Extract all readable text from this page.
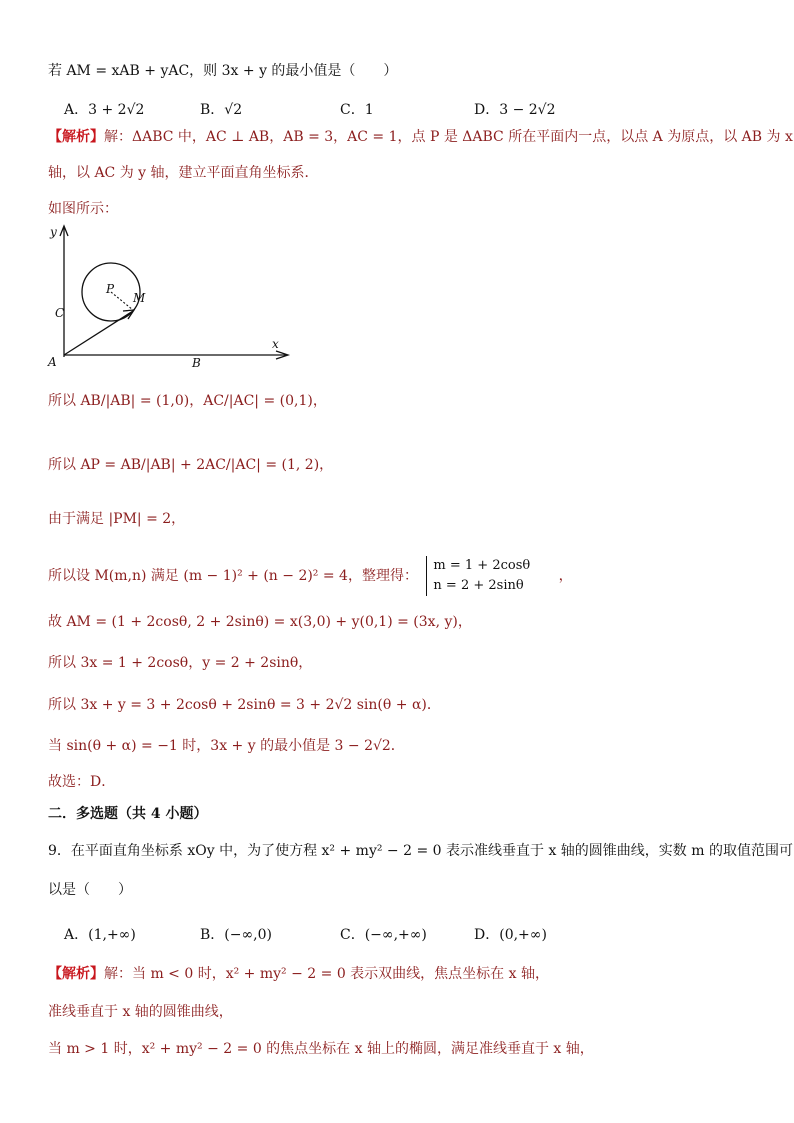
若 AM = xAB + yAC，则 3x + y 的最小值是（　　）
A．3 + 2√2	B．√2	C．1	D．3 − 2√2
【解析】解：ΔABC 中，AC ⊥ AB，AB = 3，AC = 1，点 P 是 ΔABC 所在平面内一点，以点 A 为原点，以 AB 为 x
轴，以 AC 为 y 轴，建立平面直角坐标系．
如图所示：
y
x
A	B
C
P
M
所以 AB/|AB| = (1,0)，AC/|AC| = (0,1)，
所以 AP = AB/|AB| + 2AC/|AC| = (1, 2)，
由于满足 |PM| = 2，
所以设 M(m,n) 满足 (m − 1)² + (n − 2)² = 4，整理得：
m = 1 + 2cosθ
n = 2 + 2sinθ
，
故 AM = (1 + 2cosθ, 2 + 2sinθ) = x(3,0) + y(0,1) = (3x, y)，
所以 3x = 1 + 2cosθ，y = 2 + 2sinθ，
所以 3x + y = 3 + 2cosθ + 2sinθ = 3 + 2√2 sin(θ + α)．
当 sin(θ + α) = −1 时，3x + y 的最小值是 3 − 2√2．
故选：D．
二．多选题（共 4 小题）
9．在平面直角坐标系 xOy 中，为了使方程 x² + my² − 2 = 0 表示准线垂直于 x 轴的圆锥曲线，实数 m 的取值范围可
以是（　　）
A．(1,+∞)	B．(−∞,0)	C．(−∞,+∞)	D．(0,+∞)
【解析】解：当 m < 0 时，x² + my² − 2 = 0 表示双曲线，焦点坐标在 x 轴，
准线垂直于 x 轴的圆锥曲线，
当 m > 1 时，x² + my² − 2 = 0 的焦点坐标在 x 轴上的椭圆，满足准线垂直于 x 轴，
